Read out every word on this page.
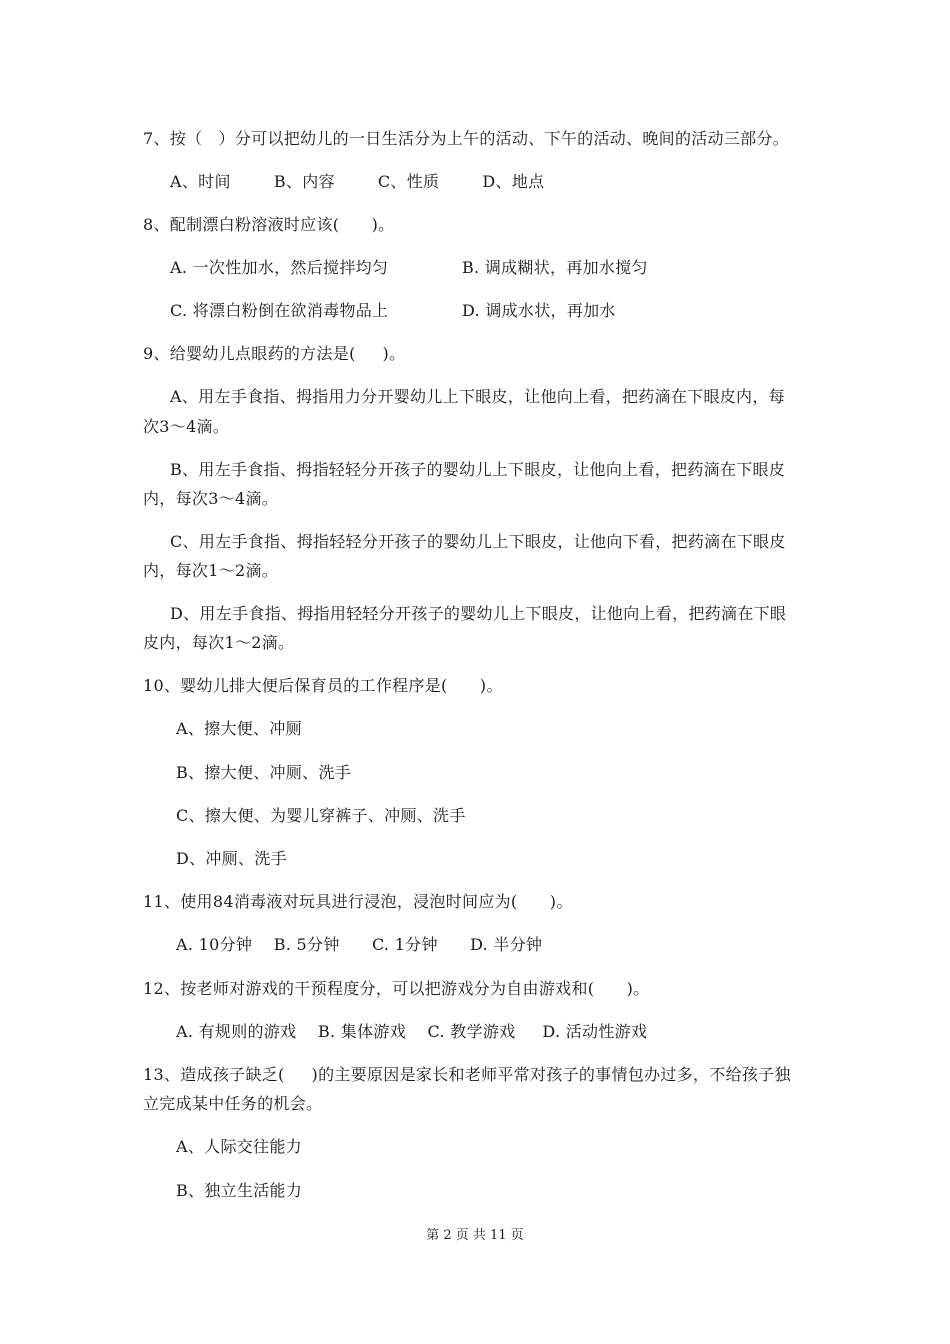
7、按（   ）分可以把幼儿的一日生活分为上午的活动、下午的活动、晚间的活动三部分。
A、时间        B、内容        C、性质        D、地点
8、配制漂白粉溶液时应该(      )。
A. 一次性加水，然后搅拌均匀	B. 调成糊状，再加水搅匀
C. 将漂白粉倒在欲消毒物品上	D. 调成水状，再加水
9、给婴幼儿点眼药的方法是(     )。
A、用左手食指、拇指用力分开婴幼儿上下眼皮，让他向上看，把药滴在下眼皮内，每
次3～4滴。
B、用左手食指、拇指轻轻分开孩子的婴幼儿上下眼皮，让他向上看，把药滴在下眼皮
内，每次3～4滴。
C、用左手食指、拇指轻轻分开孩子的婴幼儿上下眼皮，让他向下看，把药滴在下眼皮
内，每次1～2滴。
D、用左手食指、拇指用轻轻分开孩子的婴幼儿上下眼皮，让他向上看，把药滴在下眼
皮内，每次1～2滴。
10、婴幼儿排大便后保育员的工作程序是(      )。
A、擦大便、冲厕
B、擦大便、冲厕、洗手
C、擦大便、为婴儿穿裤子、冲厕、洗手
D、冲厕、洗手
11、使用84消毒液对玩具进行浸泡，浸泡时间应为(      )。
A. 10分钟    B. 5分钟      C. 1分钟      D. 半分钟
12、按老师对游戏的干预程度分，可以把游戏分为自由游戏和(      )。
A. 有规则的游戏    B. 集体游戏    C. 教学游戏     D. 活动性游戏
13、造成孩子缺乏(     )的主要原因是家长和老师平常对孩子的事情包办过多，不给孩子独
立完成某中任务的机会。
A、人际交往能力
B、独立生活能力
第 2 页 共 11 页
